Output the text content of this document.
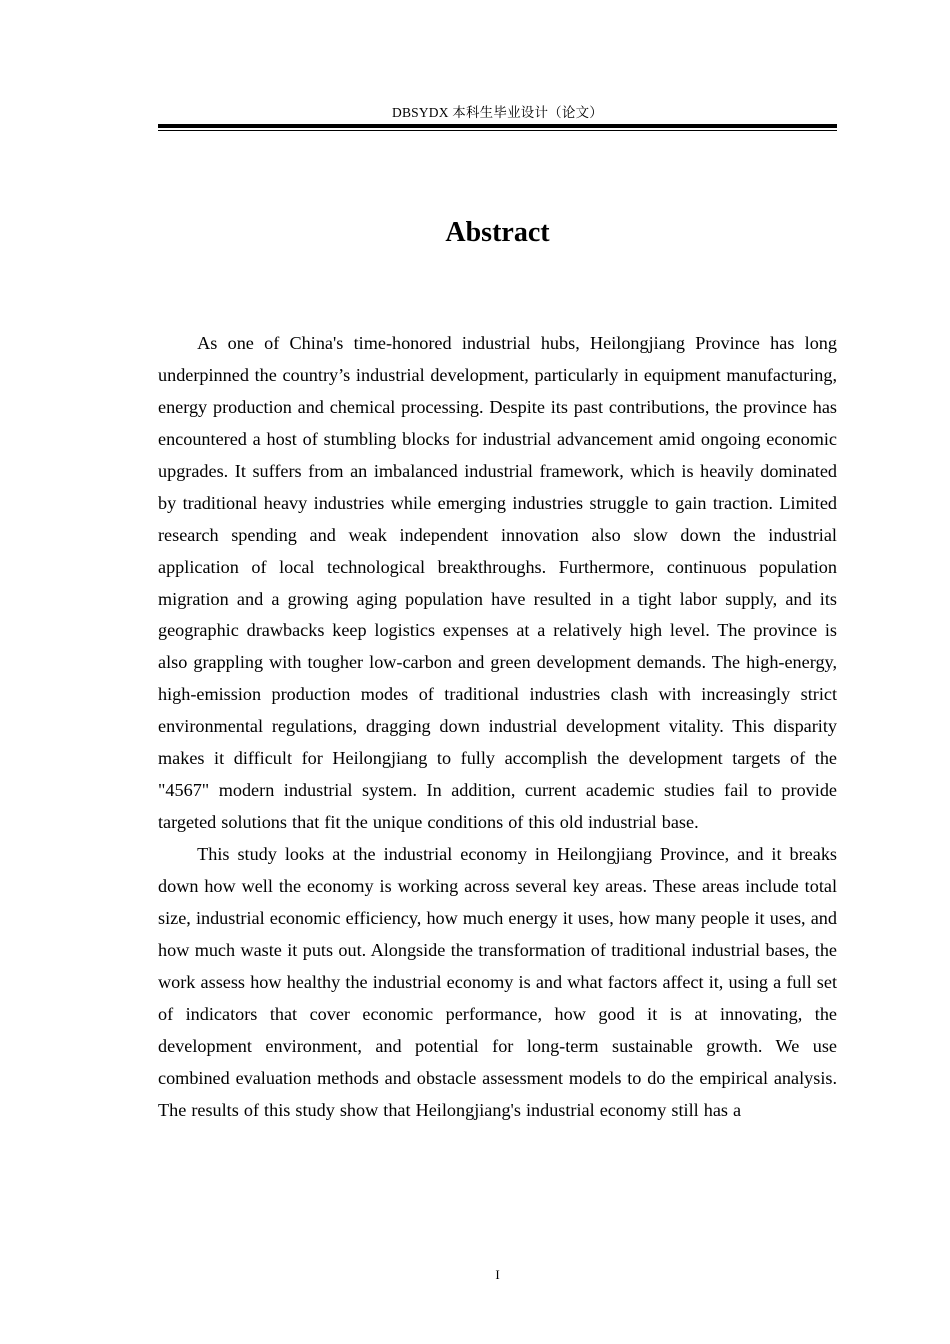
DBSYDX 本科生毕业设计（论文）
Abstract

As one of China's time-honored industrial hubs, Heilongjiang Province has long underpinned the country’s industrial development, particularly in equipment manufacturing, energy production and chemical processing. Despite its past contributions, the province has encountered a host of stumbling blocks for industrial advancement amid ongoing economic upgrades. It suffers from an imbalanced industrial framework, which is heavily dominated by traditional heavy industries while emerging industries struggle to gain traction. Limited research spending and weak independent innovation also slow down the industrial application of local technological breakthroughs. Furthermore, continuous population migration and a growing aging population have resulted in a tight labor supply, and its geographic drawbacks keep logistics expenses at a relatively high level. The province is also grappling with tougher low-carbon and green development demands. The high-energy, high-emission production modes of traditional industries clash with increasingly strict environmental regulations, dragging down industrial development vitality. This disparity makes it difficult for Heilongjiang to fully accomplish the development targets of the "4567" modern industrial system. In addition, current academic studies fail to provide targeted solutions that fit the unique conditions of this old industrial base.

This study looks at the industrial economy in Heilongjiang Province, and it breaks down how well the economy is working across several key areas. These areas include total size, industrial economic efficiency, how much energy it uses, how many people it uses, and how much waste it puts out. Alongside the transformation of traditional industrial bases, the work assess how healthy the industrial economy is and what factors affect it, using a full set of indicators that cover economic performance, how good it is at innovating, the development environment, and potential for long-term sustainable growth. We use combined evaluation methods and obstacle assessment models to do the empirical analysis. The results of this study show that Heilongjiang's industrial economy still has a

I
